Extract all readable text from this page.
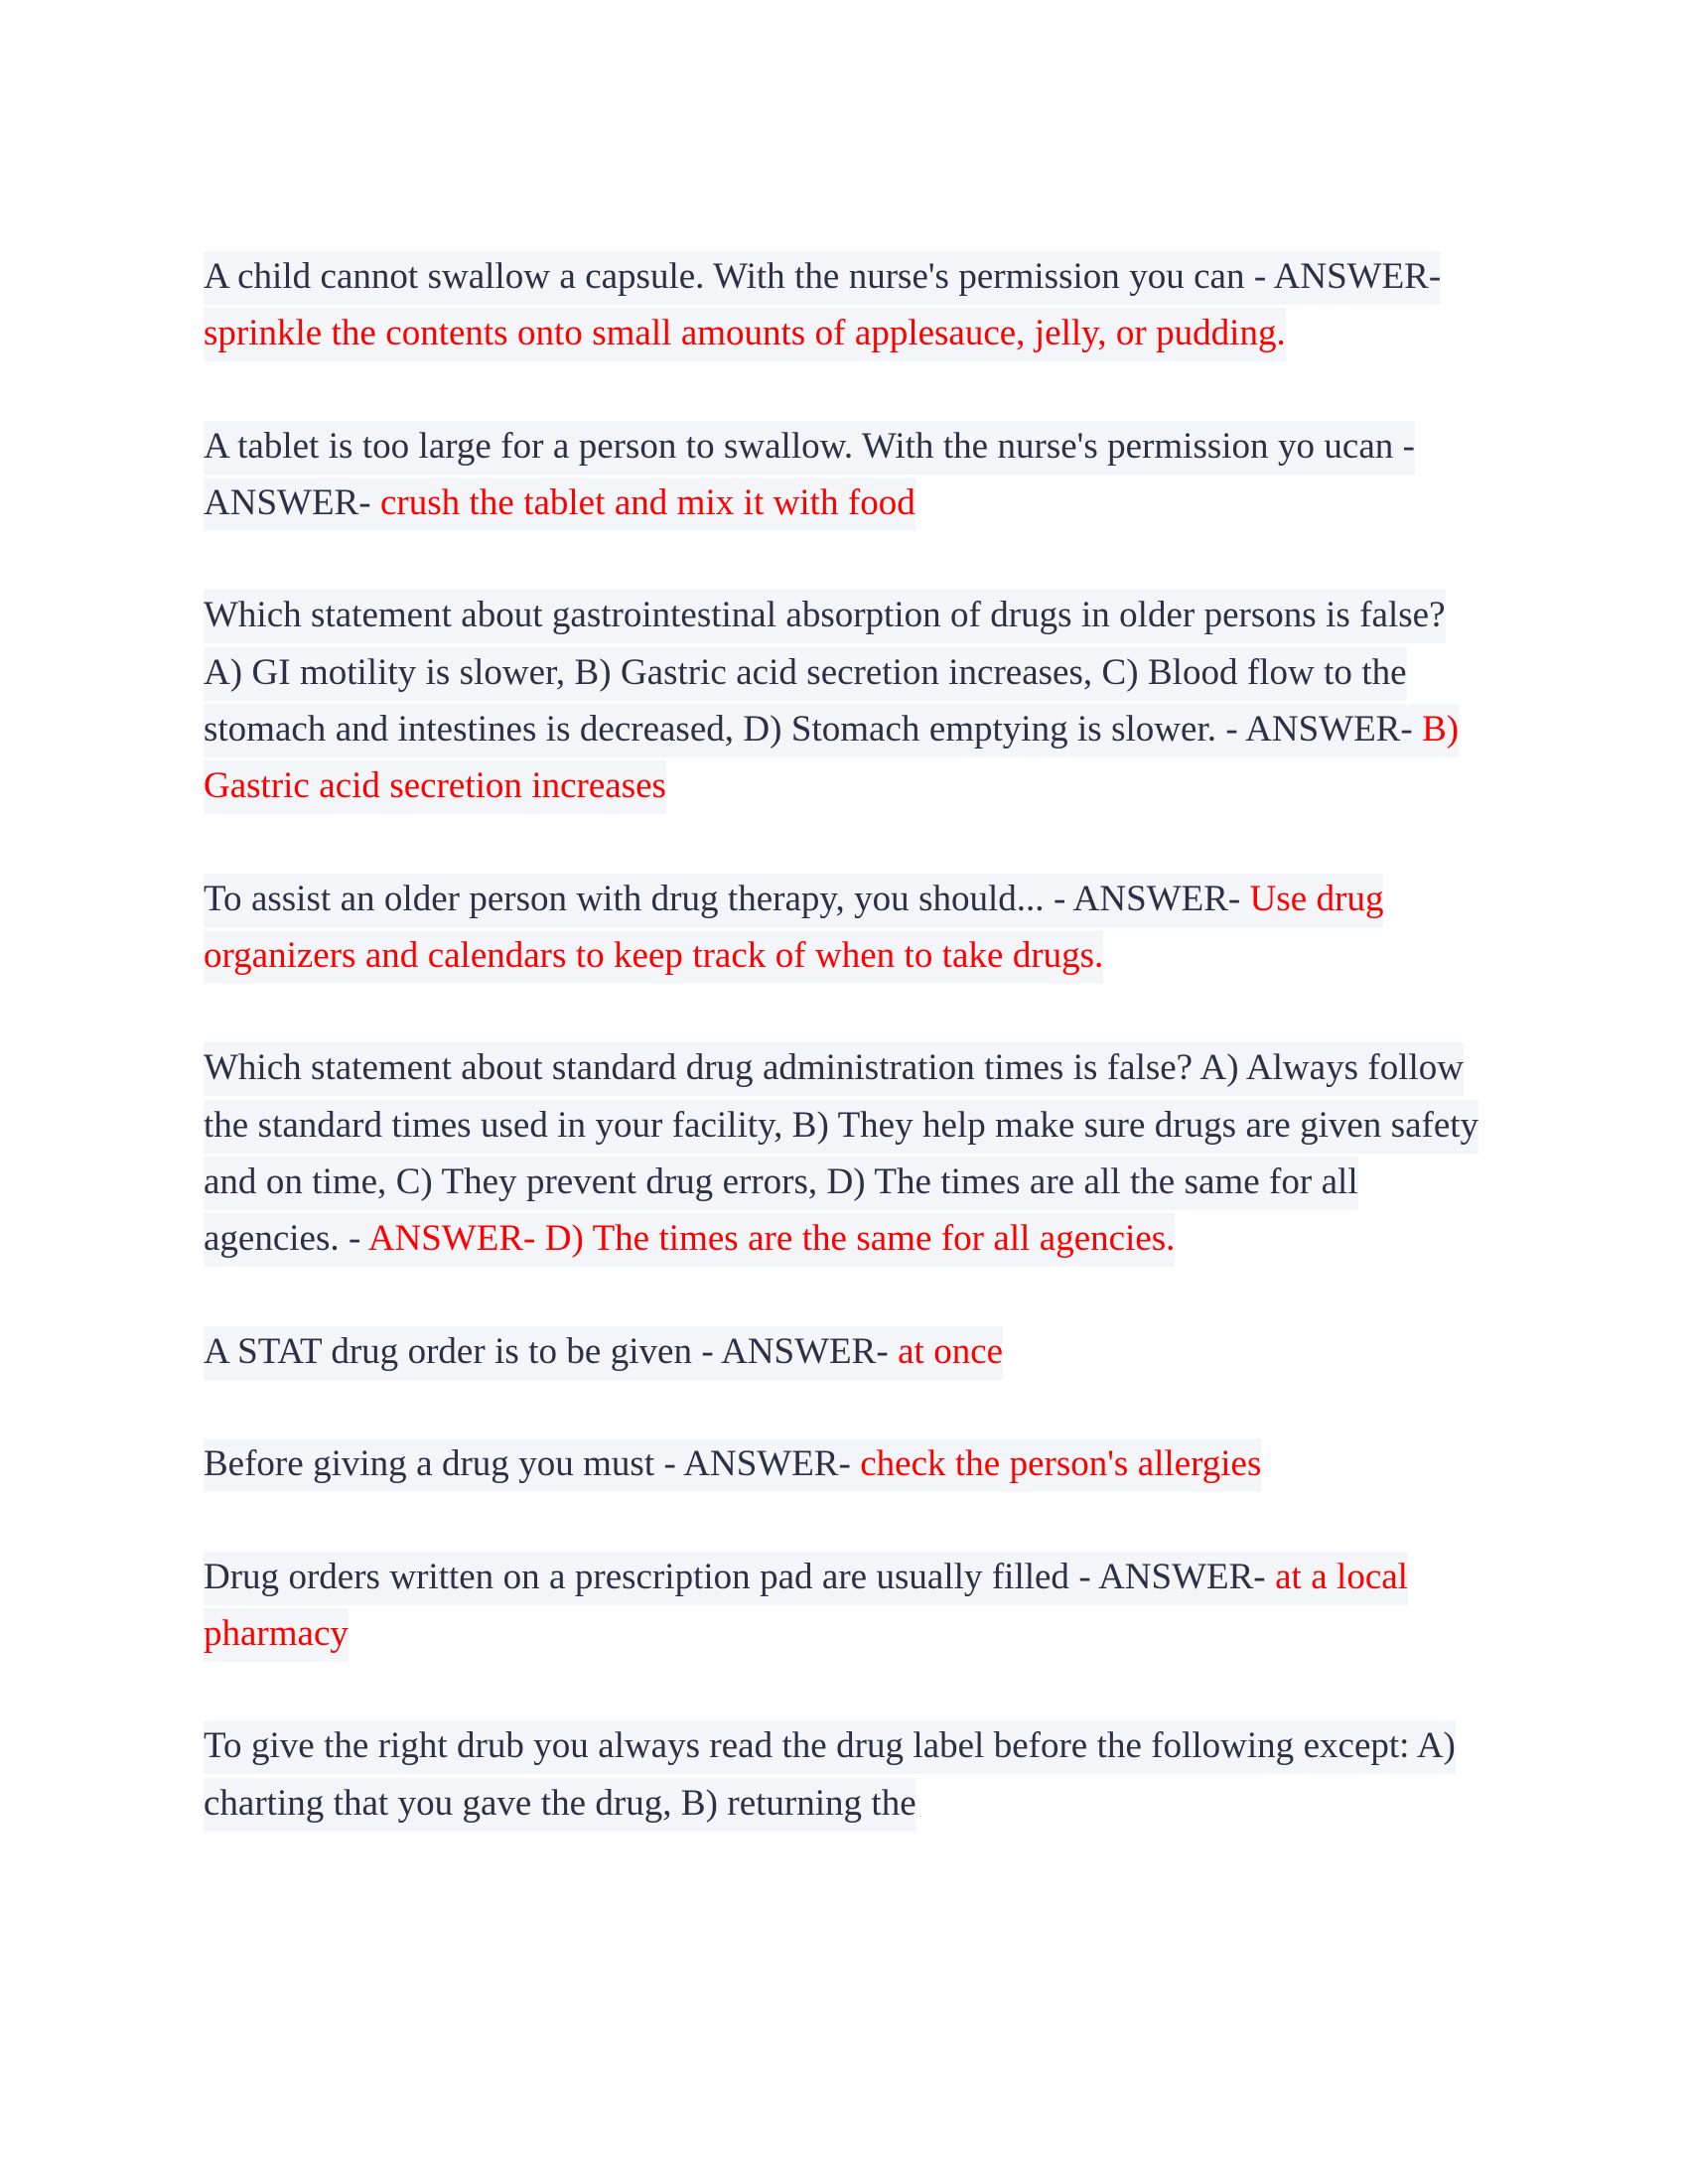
A child cannot swallow a capsule. With the nurse's permission you can - ANSWER- sprinkle the contents onto small amounts of applesauce, jelly, or pudding.

A tablet is too large for a person to swallow. With the nurse's permission yo ucan - ANSWER- crush the tablet and mix it with food

Which statement about gastrointestinal absorption of drugs in older persons is false? A) GI motility is slower, B) Gastric acid secretion increases, C) Blood flow to the stomach and intestines is decreased, D) Stomach emptying is slower. - ANSWER- B) Gastric acid secretion increases

To assist an older person with drug therapy, you should... - ANSWER- Use drug organizers and calendars to keep track of when to take drugs.

Which statement about standard drug administration times is false? A) Always follow the standard times used in your facility, B) They help make sure drugs are given safety and on time, C) They prevent drug errors, D) The times are all the same for all agencies. - ANSWER- D) The times are the same for all agencies.

A STAT drug order is to be given - ANSWER- at once

Before giving a drug you must - ANSWER- check the person's allergies

Drug orders written on a prescription pad are usually filled - ANSWER- at a local pharmacy

To give the right drub you always read the drug label before the following except: A) charting that you gave the drug, B) returning the
